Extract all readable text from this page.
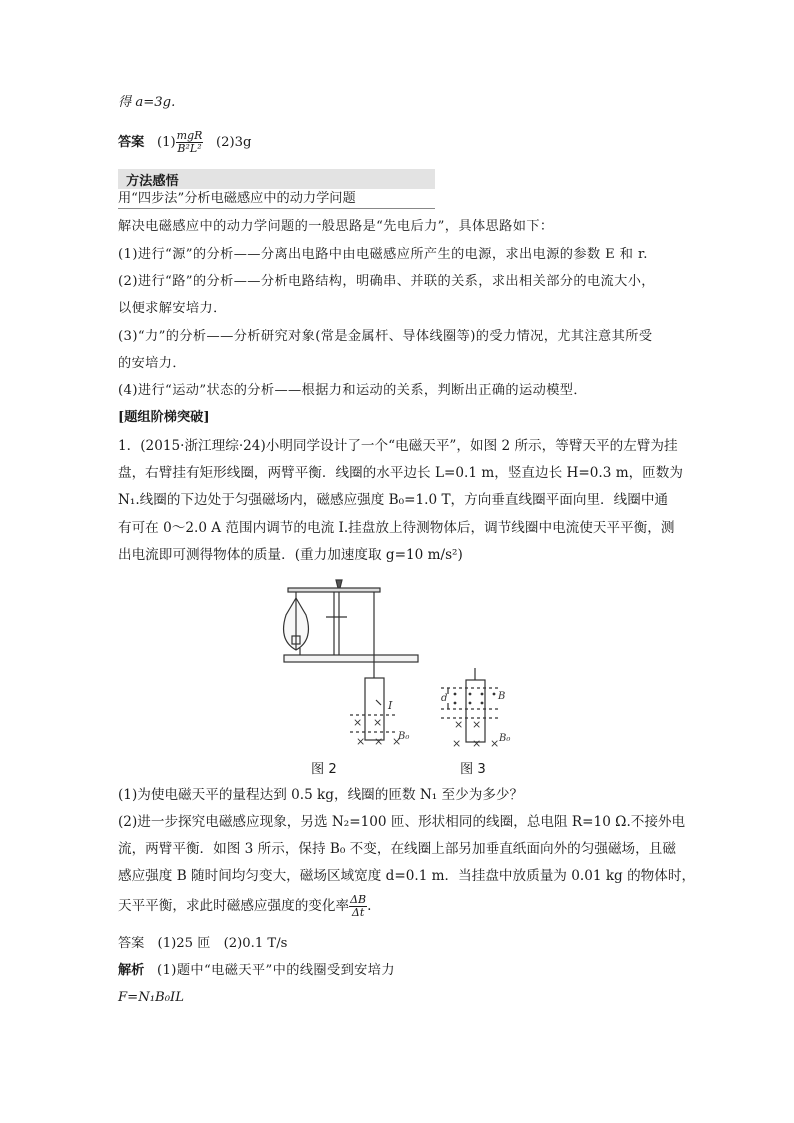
得 a=3g.
答案 $(1) \frac{\text{mgR}}{\text{B²L²}} (2)3g$
方法感悟
用“四步法”分析电磁感应中的动力学问题
解决电磁感应中的动力学问题的一般思路是“先电后力”，具体思路如下：
(1)进行“源”的分析——分离出电路中由电磁感应所产生的电源，求出电源的参数 E 和 r.
(2)进行“路”的分析——分析电路结构，明确串、并联的关系，求出相关部分的电流大小，
以便求解安培力．
(3)“力”的分析——分析研究对象(常是金属杆、导体线圈等)的受力情况，尤其注意其所受
的安培力．
(4)进行“运动”状态的分析——根据力和运动的关系，判断出正确的运动模型．
[题组阶梯突破]
1．(2015·浙江理综·24)小明同学设计了一个“电磁天平”，如图 2 所示，等臂天平的左臂为挂
盘，右臂挂有矩形线圈，两臂平衡．线圈的水平边长 L=0.1 m，竖直边长 H=0.3 m，匝数为
N₁.线圈的下边处于匀强磁场内，磁感应强度 B₀=1.0 T，方向垂直线圈平面向里．线圈中通
有可在 0～2.0 A 范围内调节的电流 I.挂盘放上待测物体后，调节线圈中电流使天平平衡，测
出电流即可测得物体的质量．(重力加速度取 g=10 m/s²)
× ×
× × ×
I
B₀
d	B
× ×
× × × B₀
图 2	图 3
(1)为使电磁天平的量程达到 0.5 kg，线圈的匝数 N₁ 至少为多少？
(2)进一步探究电磁感应现象，另选 N₂=100 匝、形状相同的线圈，总电阻 R=10 Ω.不接外电
流，两臂平衡．如图 3 所示，保持 B₀ 不变，在线圈上部另加垂直纸面向外的匀强磁场，且磁
感应强度 B 随时间均匀变大，磁场区域宽度 d=0.1 m．当挂盘中放质量为 0.01 kg 的物体时，
天平平衡，求此时磁感应强度的变化率 $\frac{\Delta B}{\Delta t}$ .
答案　(1)25 匝　(2)0.1 T/s
解析 (1)题中“电磁天平”中的线圈受到安培力
F=N₁B₀IL
